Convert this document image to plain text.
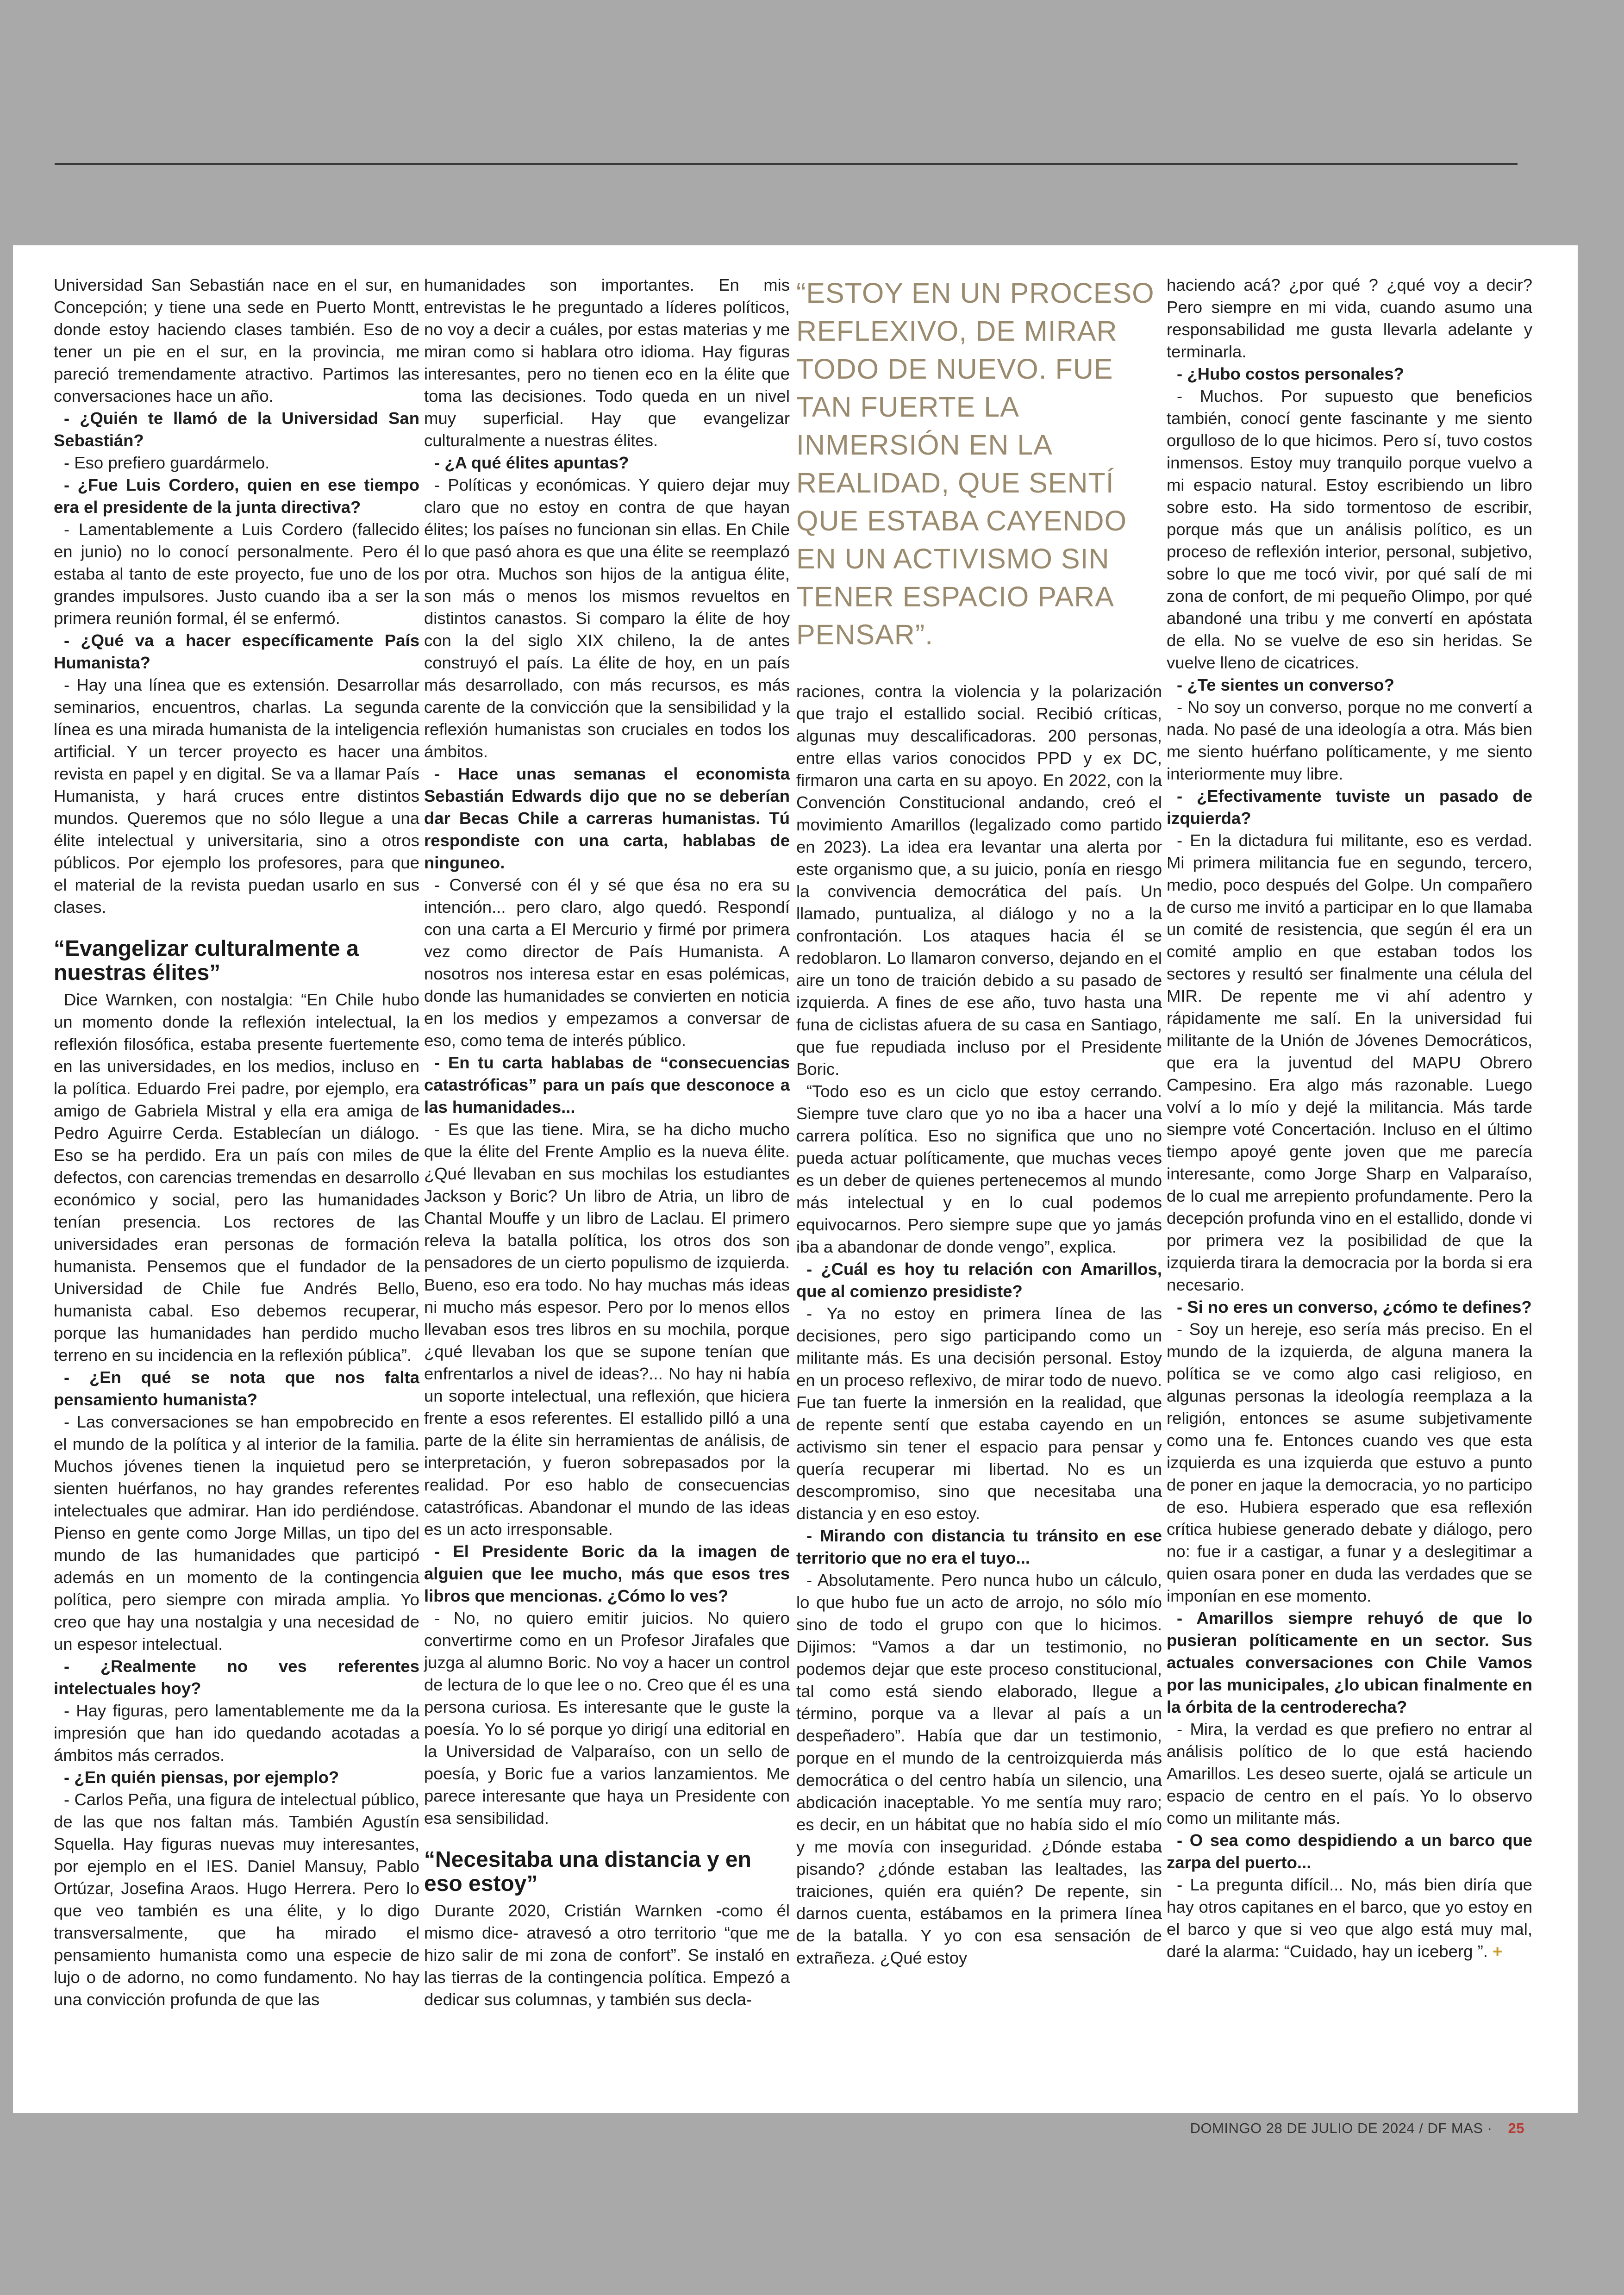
Universidad San Sebastián nace en el sur, en Concepción; y tiene una sede en Puerto Montt, donde estoy haciendo clases también. Eso de tener un pie en el sur, en la provincia, me pareció tremendamente atractivo. Partimos las conversaciones hace un año.

- ¿Quién te llamó de la Universidad San Sebastián?

- Eso prefiero guardármelo.

- ¿Fue Luis Cordero, quien en ese tiempo era el presidente de la junta directiva?

- Lamentablemente a Luis Cordero (fallecido en junio) no lo conocí personalmente. Pero él estaba al tanto de este proyecto, fue uno de los grandes impulsores. Justo cuando iba a ser la primera reunión formal, él se enfermó.

- ¿Qué va a hacer específicamente País Humanista?

- Hay una línea que es extensión. Desarrollar seminarios, encuentros, charlas. La segunda línea es una mirada humanista de la inteligencia artificial. Y un tercer proyecto es hacer una revista en papel y en digital. Se va a llamar País Humanista, y hará cruces entre distintos mundos. Queremos que no sólo llegue a una élite intelectual y universitaria, sino a otros públicos. Por ejemplo los profesores, para que el material de la revista puedan usarlo en sus clases.

“Evangelizar culturalmente a nuestras élites”

Dice Warnken, con nostalgia: “En Chile hubo un momento donde la reflexión intelectual, la reflexión filosófica, estaba presente fuertemente en las universidades, en los medios, incluso en la política. Eduardo Frei padre, por ejemplo, era amigo de Gabriela Mistral y ella era amiga de Pedro Aguirre Cerda. Establecían un diálogo. Eso se ha perdido. Era un país con miles de defectos, con carencias tremendas en desarrollo económico y social, pero las humanidades tenían presencia. Los rectores de las universidades eran personas de formación humanista. Pensemos que el fundador de la Universidad de Chile fue Andrés Bello, humanista cabal. Eso debemos recuperar, porque las humanidades han perdido mucho terreno en su incidencia en la reflexión pública”.

- ¿En qué se nota que nos falta pensamiento humanista?

- Las conversaciones se han empobrecido en el mundo de la política y al interior de la familia. Muchos jóvenes tienen la inquietud pero se sienten huérfanos, no hay grandes referentes intelectuales que admirar. Han ido perdiéndose. Pienso en gente como Jorge Millas, un tipo del mundo de las humanidades que participó además en un momento de la contingencia política, pero siempre con mirada amplia. Yo creo que hay una nostalgia y una necesidad de un espesor intelectual.

- ¿Realmente no ves referentes intelectuales hoy?

- Hay figuras, pero lamentablemente me da la impresión que han ido quedando acotadas a ámbitos más cerrados.

- ¿En quién piensas, por ejemplo?

- Carlos Peña, una figura de intelectual público, de las que nos faltan más. También Agustín Squella. Hay figuras nuevas muy interesantes, por ejemplo en el IES. Daniel Mansuy, Pablo Ortúzar, Josefina Araos. Hugo Herrera. Pero lo que veo también es una élite, y lo digo transversalmente, que ha mirado el pensamiento humanista como una especie de lujo o de adorno, no como fundamento. No hay una convicción profunda de que las

humanidades son importantes. En mis entrevistas le he preguntado a líderes políticos, no voy a decir a cuáles, por estas materias y me miran como si hablara otro idioma. Hay figuras interesantes, pero no tienen eco en la élite que toma las decisiones. Todo queda en un nivel muy superficial. Hay que evangelizar culturalmente a nuestras élites.

- ¿A qué élites apuntas?

- Políticas y económicas. Y quiero dejar muy claro que no estoy en contra de que hayan élites; los países no funcionan sin ellas. En Chile lo que pasó ahora es que una élite se reemplazó por otra. Muchos son hijos de la antigua élite, son más o menos los mismos revueltos en distintos canastos. Si comparo la élite de hoy con la del siglo XIX chileno, la de antes construyó el país. La élite de hoy, en un país más desarrollado, con más recursos, es más carente de la convicción que la sensibilidad y la reflexión humanistas son cruciales en todos los ámbitos.

- Hace unas semanas el economista Sebastián Edwards dijo que no se deberían dar Becas Chile a carreras humanistas. Tú respondiste con una carta, hablabas de ninguneo.

- Conversé con él y sé que ésa no era su intención... pero claro, algo quedó. Respondí con una carta a El Mercurio y firmé por primera vez como director de País Humanista. A nosotros nos interesa estar en esas polémicas, donde las humanidades se convierten en noticia en los medios y empezamos a conversar de eso, como tema de interés público.

- En tu carta hablabas de “consecuencias catastróficas” para un país que desconoce a las humanidades...

- Es que las tiene. Mira, se ha dicho mucho que la élite del Frente Amplio es la nueva élite. ¿Qué llevaban en sus mochilas los estudiantes Jackson y Boric? Un libro de Atria, un libro de Chantal Mouffe y un libro de Laclau. El primero releva la batalla política, los otros dos son pensadores de un cierto populismo de izquierda. Bueno, eso era todo. No hay muchas más ideas ni mucho más espesor. Pero por lo menos ellos llevaban esos tres libros en su mochila, porque ¿qué llevaban los que se supone tenían que enfrentarlos a nivel de ideas?... No hay ni había un soporte intelectual, una reflexión, que hiciera frente a esos referentes. El estallido pilló a una parte de la élite sin herramientas de análisis, de interpretación, y fueron sobrepasados por la realidad. Por eso hablo de consecuencias catastróficas. Abandonar el mundo de las ideas es un acto irresponsable.

- El Presidente Boric da la imagen de alguien que lee mucho, más que esos tres libros que mencionas. ¿Cómo lo ves?

- No, no quiero emitir juicios. No quiero convertirme como en un Profesor Jirafales que juzga al alumno Boric. No voy a hacer un control de lectura de lo que lee o no. Creo que él es una persona curiosa. Es interesante que le guste la poesía. Yo lo sé porque yo dirigí una editorial en la Universidad de Valparaíso, con un sello de poesía, y Boric fue a varios lanzamientos. Me parece interesante que haya un Presidente con esa sensibilidad.

“Necesitaba una distancia y en eso estoy”

Durante 2020, Cristián Warnken -como él mismo dice- atravesó a otro territorio “que me hizo salir de mi zona de confort”. Se instaló en las tierras de la contingencia política. Empezó a dedicar sus columnas, y también sus decla-

“ESTOY EN UN PROCESO REFLEXIVO, DE MIRAR TODO DE NUEVO. FUE TAN FUERTE LA INMERSIÓN EN LA REALIDAD, QUE SENTÍ QUE ESTABA CAYENDO EN UN ACTIVISMO SIN TENER ESPACIO PARA PENSAR”.

raciones, contra la violencia y la polarización que trajo el estallido social. Recibió críticas, algunas muy descalificadoras. 200 personas, entre ellas varios conocidos PPD y ex DC, firmaron una carta en su apoyo. En 2022, con la Convención Constitucional andando, creó el movimiento Amarillos (legalizado como partido en 2023). La idea era levantar una alerta por este organismo que, a su juicio, ponía en riesgo la convivencia democrática del país. Un llamado, puntualiza, al diálogo y no a la confrontación. Los ataques hacia él se redoblaron. Lo llamaron converso, dejando en el aire un tono de traición debido a su pasado de izquierda. A fines de ese año, tuvo hasta una funa de ciclistas afuera de su casa en Santiago, que fue repudiada incluso por el Presidente Boric.

“Todo eso es un ciclo que estoy cerrando. Siempre tuve claro que yo no iba a hacer una carrera política. Eso no significa que uno no pueda actuar políticamente, que muchas veces es un deber de quienes pertenecemos al mundo más intelectual y en lo cual podemos equivocarnos. Pero siempre supe que yo jamás iba a abandonar de donde vengo”, explica.

- ¿Cuál es hoy tu relación con Amarillos, que al comienzo presidiste?

- Ya no estoy en primera línea de las decisiones, pero sigo participando como un militante más. Es una decisión personal. Estoy en un proceso reflexivo, de mirar todo de nuevo. Fue tan fuerte la inmersión en la realidad, que de repente sentí que estaba cayendo en un activismo sin tener el espacio para pensar y quería recuperar mi libertad. No es un descompromiso, sino que necesitaba una distancia y en eso estoy.

- Mirando con distancia tu tránsito en ese territorio que no era el tuyo...

- Absolutamente. Pero nunca hubo un cálculo, lo que hubo fue un acto de arrojo, no sólo mío sino de todo el grupo con que lo hicimos. Dijimos: “Vamos a dar un testimonio, no podemos dejar que este proceso constitucional, tal como está siendo elaborado, llegue a término, porque va a llevar al país a un despeñadero”. Había que dar un testimonio, porque en el mundo de la centroizquierda más democrática o del centro había un silencio, una abdicación inaceptable. Yo me sentía muy raro; es decir, en un hábitat que no había sido el mío y me movía con inseguridad. ¿Dónde estaba pisando? ¿dónde estaban las lealtades, las traiciones, quién era quién? De repente, sin darnos cuenta, estábamos en la primera línea de la batalla. Y yo con esa sensación de extrañeza. ¿Qué estoy

haciendo acá? ¿por qué ? ¿qué voy a decir? Pero siempre en mi vida, cuando asumo una responsabilidad me gusta llevarla adelante y terminarla.

- ¿Hubo costos personales?

- Muchos. Por supuesto que beneficios también, conocí gente fascinante y me siento orgulloso de lo que hicimos. Pero sí, tuvo costos inmensos. Estoy muy tranquilo porque vuelvo a mi espacio natural. Estoy escribiendo un libro sobre esto. Ha sido tormentoso de escribir, porque más que un análisis político, es un proceso de reflexión interior, personal, subjetivo, sobre lo que me tocó vivir, por qué salí de mi zona de confort, de mi pequeño Olimpo, por qué abandoné una tribu y me convertí en apóstata de ella. No se vuelve de eso sin heridas. Se vuelve lleno de cicatrices.

- ¿Te sientes un converso?

- No soy un converso, porque no me convertí a nada. No pasé de una ideología a otra. Más bien me siento huérfano políticamente, y me siento interiormente muy libre.

- ¿Efectivamente tuviste un pasado de izquierda?

- En la dictadura fui militante, eso es verdad. Mi primera militancia fue en segundo, tercero, medio, poco después del Golpe. Un compañero de curso me invitó a participar en lo que llamaba un comité de resistencia, que según él era un comité amplio en que estaban todos los sectores y resultó ser finalmente una célula del MIR. De repente me vi ahí adentro y rápidamente me salí. En la universidad fui militante de la Unión de Jóvenes Democráticos, que era la juventud del MAPU Obrero Campesino. Era algo más razonable. Luego volví a lo mío y dejé la militancia. Más tarde siempre voté Concertación. Incluso en el último tiempo apoyé gente joven que me parecía interesante, como Jorge Sharp en Valparaíso, de lo cual me arrepiento profundamente. Pero la decepción profunda vino en el estallido, donde vi por primera vez la posibilidad de que la izquierda tirara la democracia por la borda si era necesario.

- Si no eres un converso, ¿cómo te defines?

- Soy un hereje, eso sería más preciso. En el mundo de la izquierda, de alguna manera la política se ve como algo casi religioso, en algunas personas la ideología reemplaza a la religión, entonces se asume subjetivamente como una fe. Entonces cuando ves que esta izquierda es una izquierda que estuvo a punto de poner en jaque la democracia, yo no participo de eso. Hubiera esperado que esa reflexión crítica hubiese generado debate y diálogo, pero no: fue ir a castigar, a funar y a deslegitimar a quien osara poner en duda las verdades que se imponían en ese momento.

- Amarillos siempre rehuyó de que lo pusieran políticamente en un sector. Sus actuales conversaciones con Chile Vamos por las municipales, ¿lo ubican finalmente en la órbita de la centroderecha?

- Mira, la verdad es que prefiero no entrar al análisis político de lo que está haciendo Amarillos. Les deseo suerte, ojalá se articule un espacio de centro en el país. Yo lo observo como un militante más.

- O sea como despidiendo a un barco que zarpa del puerto...

- La pregunta difícil... No, más bien diría que hay otros capitanes en el barco, que yo estoy en el barco y que si veo que algo está muy mal, daré la alarma: “Cuidado, hay un iceberg ”. +

DOMINGO 28 DE JULIO DE 2024 / DF MAS · 25
